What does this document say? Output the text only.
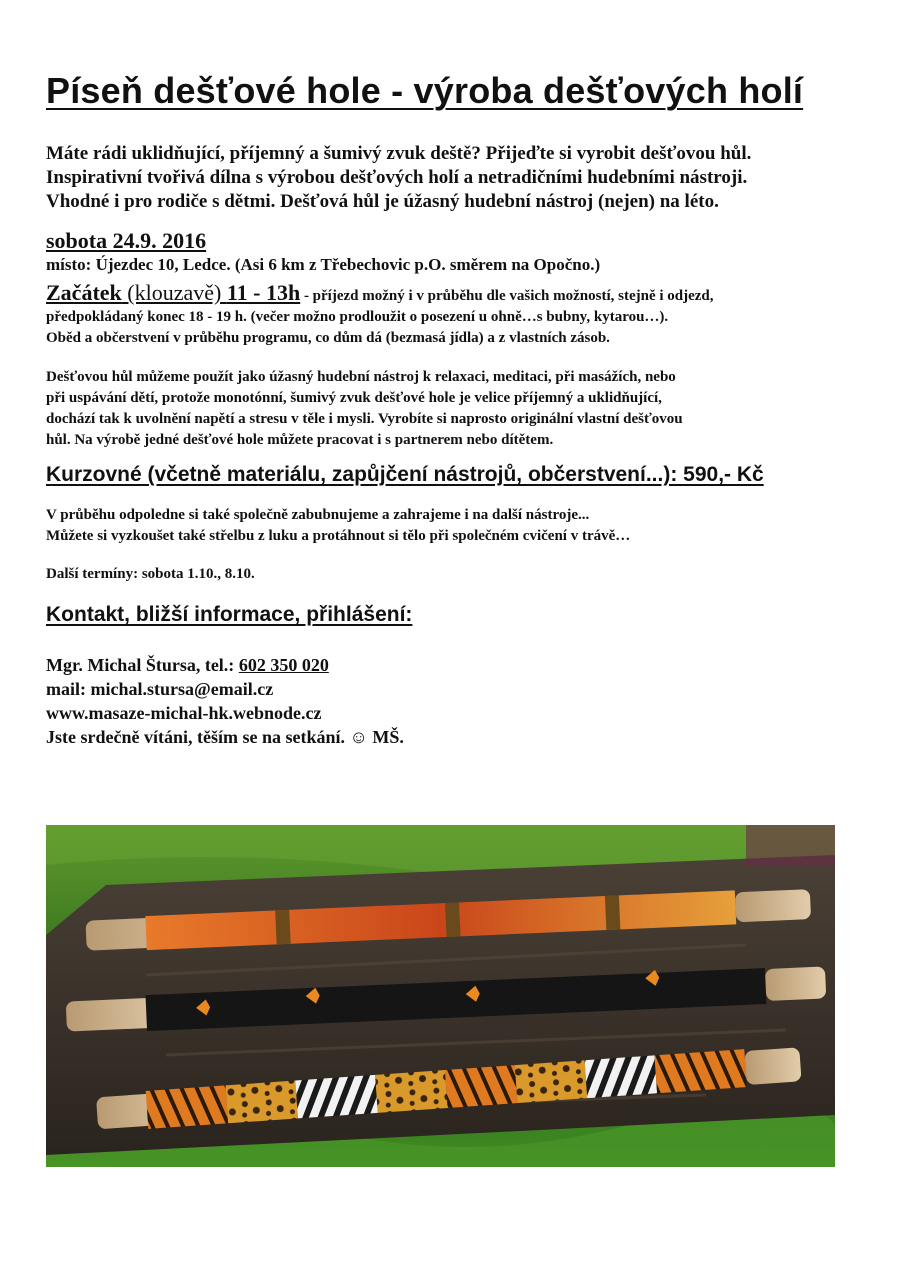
Píseň dešťové hole - výroba dešťových holí
Máte rádi uklidňující, příjemný a šumivý zvuk deště? Přijeďte si vyrobit dešťovou hůl.
Inspirativní tvořivá dílna s výrobou dešťových holí a netradičními hudebními nástroji.
Vhodné i pro rodiče s dětmi. Dešťová hůl je úžasný hudební nástroj (nejen) na léto.
sobota 24.9. 2016
místo: Újezdec 10, Ledce. (Asi 6 km z Třebechovic p.O. směrem na Opočno.)
Začátek (klouzavě) 11 - 13h - příjezd možný i v průběhu dle vašich možností, stejně i odjezd,
předpokládaný konec 18 - 19 h. (večer možno prodloužit o posezení u ohně…s bubny, kytarou…).
Oběd a občerstvení v průběhu programu, co dům dá (bezmasá jídla) a z vlastních zásob.
Dešťovou hůl můžeme použít jako úžasný hudební nástroj k relaxaci, meditaci, při masážích, nebo
při uspávání dětí, protože monotónní, šumivý zvuk dešťové hole je velice příjemný a uklidňující,
dochází tak k uvolnění napětí a stresu v těle i mysli. Vyrobíte si naprosto originální vlastní dešťovou
hůl. Na výrobě jedné dešťové hole můžete pracovat i s partnerem nebo dítětem.
Kurzovné (včetně materiálu, zapůjčení nástrojů, občerstvení...): 590,- Kč
V průběhu odpoledne si také společně zabubnujeme a zahrajeme i na další nástroje...
Můžete si vyzkoušet také střelbu z luku a protáhnout si tělo při společném cvičení v trávě…
Další termíny: sobota 1.10., 8.10.
Kontakt, bližší informace, přihlášení:
Mgr. Michal Štursa, tel.: 602 350 020
mail: michal.stursa@email.cz
www.masaze-michal-hk.webnode.cz
Jste srdečně vítáni, těším se na setkání. ☺ MŠ.
